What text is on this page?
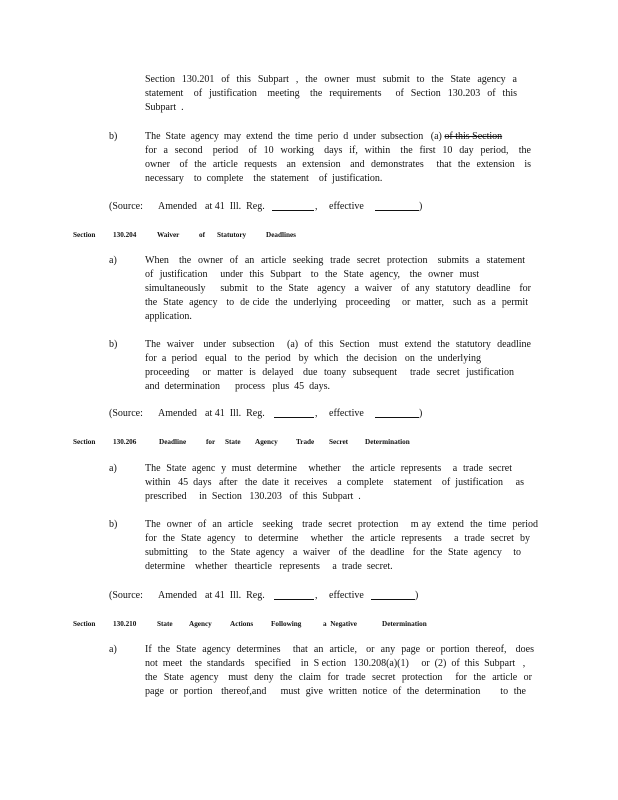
Section  130.201  of  this  Subpart  ,  the  owner  must  submit  to  the  State  agency  a
statement   of  justification   meeting   the  requirements    of  Section  130.203  of  this
Subpart  .
b)	The  State  agency  may  extend  the  time  perio  d  under  subsection   (a) of this Section
for  a  second   period   of  10  working   days  if,  within   the  first  10  day  period,   the
owner   of  the  article  requests   an  extension   and  demonstrates    that  the  extension   is
necessary    to  complete    the  statement    of  justification.
(Source: Amended at 41  Ill.  Reg.	, effective	)
Section 130.204	Waiver	of Statutory	Deadlines
a)	When   the  owner  of  an  article  seeking  trade  secret  protection   submits  a  statement
of  justification    under  this  Subpart   to  the  State  agency,   the  owner  must
simultaneously     submit   to  the  State   agency   a  waiver   of  any  statutory  deadline   for
the  State  agency   to  de cide  the  underlying   proceeding    or  matter,   such  as  a  permit
application.
b)	The  waiver   under  subsection    (a)  of  this  Section   must  extend  the  statutory  deadline
for  a  period   equal   to  the  period   by  which   the  decision   on  the  underlying
proceeding    or  matter  is  delayed   due  toany  subsequent    trade  secret  justification
and  determination      process   plus  45  days.
(Source: Amended at 41  Ill.  Reg.	, effective	)
Section 130.206	Deadline	for State Agency	Trade Secret Determination
a)	The  State  agenc  y  must  determine    whether    the  article  represents    a  trade  secret
within   45  days   after   the  date  it  receives    a  complete    statement    of  justification     as
prescribed     in  Section   130.203   of  this  Subpart  .
b)	The  owner  of  an  article   seeking   trade  secret  protection    m ay  extend  the  time  period
for  the  State  agency   to  determine    whether   the  article  represents    a  trade  secret  by
submitting    to  the  State  agency   a  waiver   of  the  deadline   for  the  State  agency    to
determine    whether   thearticle   represents     a  trade  secret.
(Source: Amended at 41  Ill.  Reg.	, effective	)
Section 130.210	State Agency	Actions Following	a  Negative	Determination
a)	If  the  State  agency  determines    that  an  article,   or  any  page  or  portion  thereof,   does
not  meet   the  standards    specified    in  S ection   130.208(a)(1)     or  (2)  of  this  Subpart   ,
the  State  agency   must  deny  the  claim  for  trade  secret  protection    for  the  article  or
page  or  portion   thereof,and     must  give  written  notice  of  the  determination       to  the
